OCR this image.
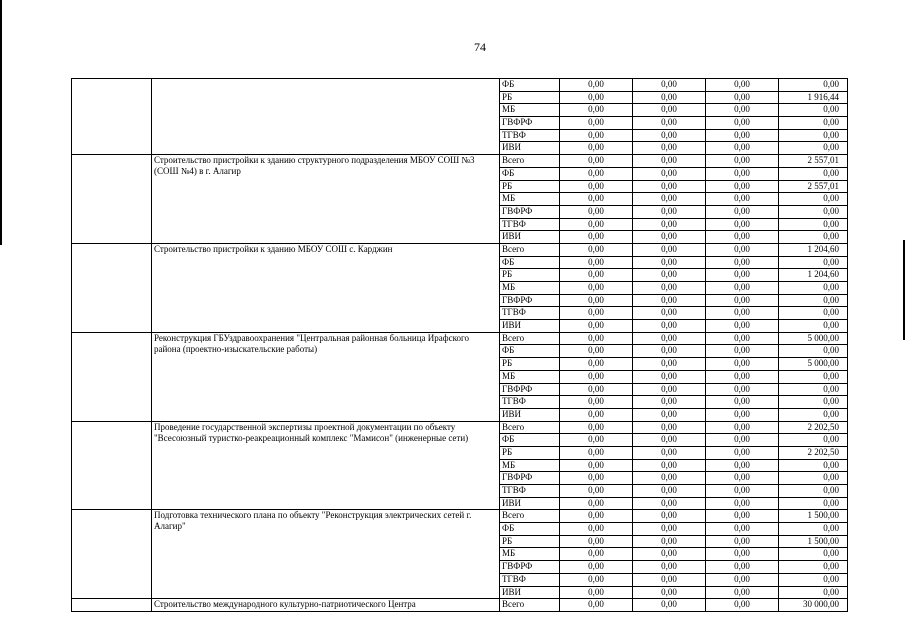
74
		ФБ	0,00	0,00	0,00	0,00
		РБ	0,00	0,00	0,00	1 916,44
		МБ	0,00	0,00	0,00	0,00
		ГВФРФ	0,00	0,00	0,00	0,00
		ТГВФ	0,00	0,00	0,00	0,00
		ИВИ	0,00	0,00	0,00	0,00
	Строительство пристройки к зданию структурного подразделения МБОУ СОШ №3 (СОШ №4) в г. Алагир	Всего	0,00	0,00	0,00	2 557,01
		ФБ	0,00	0,00	0,00	0,00
		РБ	0,00	0,00	0,00	2 557,01
		МБ	0,00	0,00	0,00	0,00
		ГВФРФ	0,00	0,00	0,00	0,00
		ТГВФ	0,00	0,00	0,00	0,00
		ИВИ	0,00	0,00	0,00	0,00
	Строительство пристройки к зданию МБОУ СОШ с. Карджин	Всего	0,00	0,00	0,00	1 204,60
		ФБ	0,00	0,00	0,00	0,00
		РБ	0,00	0,00	0,00	1 204,60
		МБ	0,00	0,00	0,00	0,00
		ГВФРФ	0,00	0,00	0,00	0,00
		ТГВФ	0,00	0,00	0,00	0,00
		ИВИ	0,00	0,00	0,00	0,00
	Реконструкция ГБУздравоохранения "Центральная районная больница Ирафского района (проектно-изыскательские работы)	Всего	0,00	0,00	0,00	5 000,00
		ФБ	0,00	0,00	0,00	0,00
		РБ	0,00	0,00	0,00	5 000,00
		МБ	0,00	0,00	0,00	0,00
		ГВФРФ	0,00	0,00	0,00	0,00
		ТГВФ	0,00	0,00	0,00	0,00
		ИВИ	0,00	0,00	0,00	0,00
	Проведение государственной экспертизы проектной документации по объекту "Всесоюзный туристко-реакреационный комплекс "Мамисон" (инженерные сети)	Всего	0,00	0,00	0,00	2 202,50
		ФБ	0,00	0,00	0,00	0,00
		РБ	0,00	0,00	0,00	2 202,50
		МБ	0,00	0,00	0,00	0,00
		ГВФРФ	0,00	0,00	0,00	0,00
		ТГВФ	0,00	0,00	0,00	0,00
		ИВИ	0,00	0,00	0,00	0,00
	Подготовка технического плана по объекту "Реконструкция электрических сетей г. Алагир"	Всего	0,00	0,00	0,00	1 500,00
		ФБ	0,00	0,00	0,00	0,00
		РБ	0,00	0,00	0,00	1 500,00
		МБ	0,00	0,00	0,00	0,00
		ГВФРФ	0,00	0,00	0,00	0,00
		ТГВФ	0,00	0,00	0,00	0,00
		ИВИ	0,00	0,00	0,00	0,00
	Строительство международного культурно-патриотического Центра	Всего	0,00	0,00	0,00	30 000,00
